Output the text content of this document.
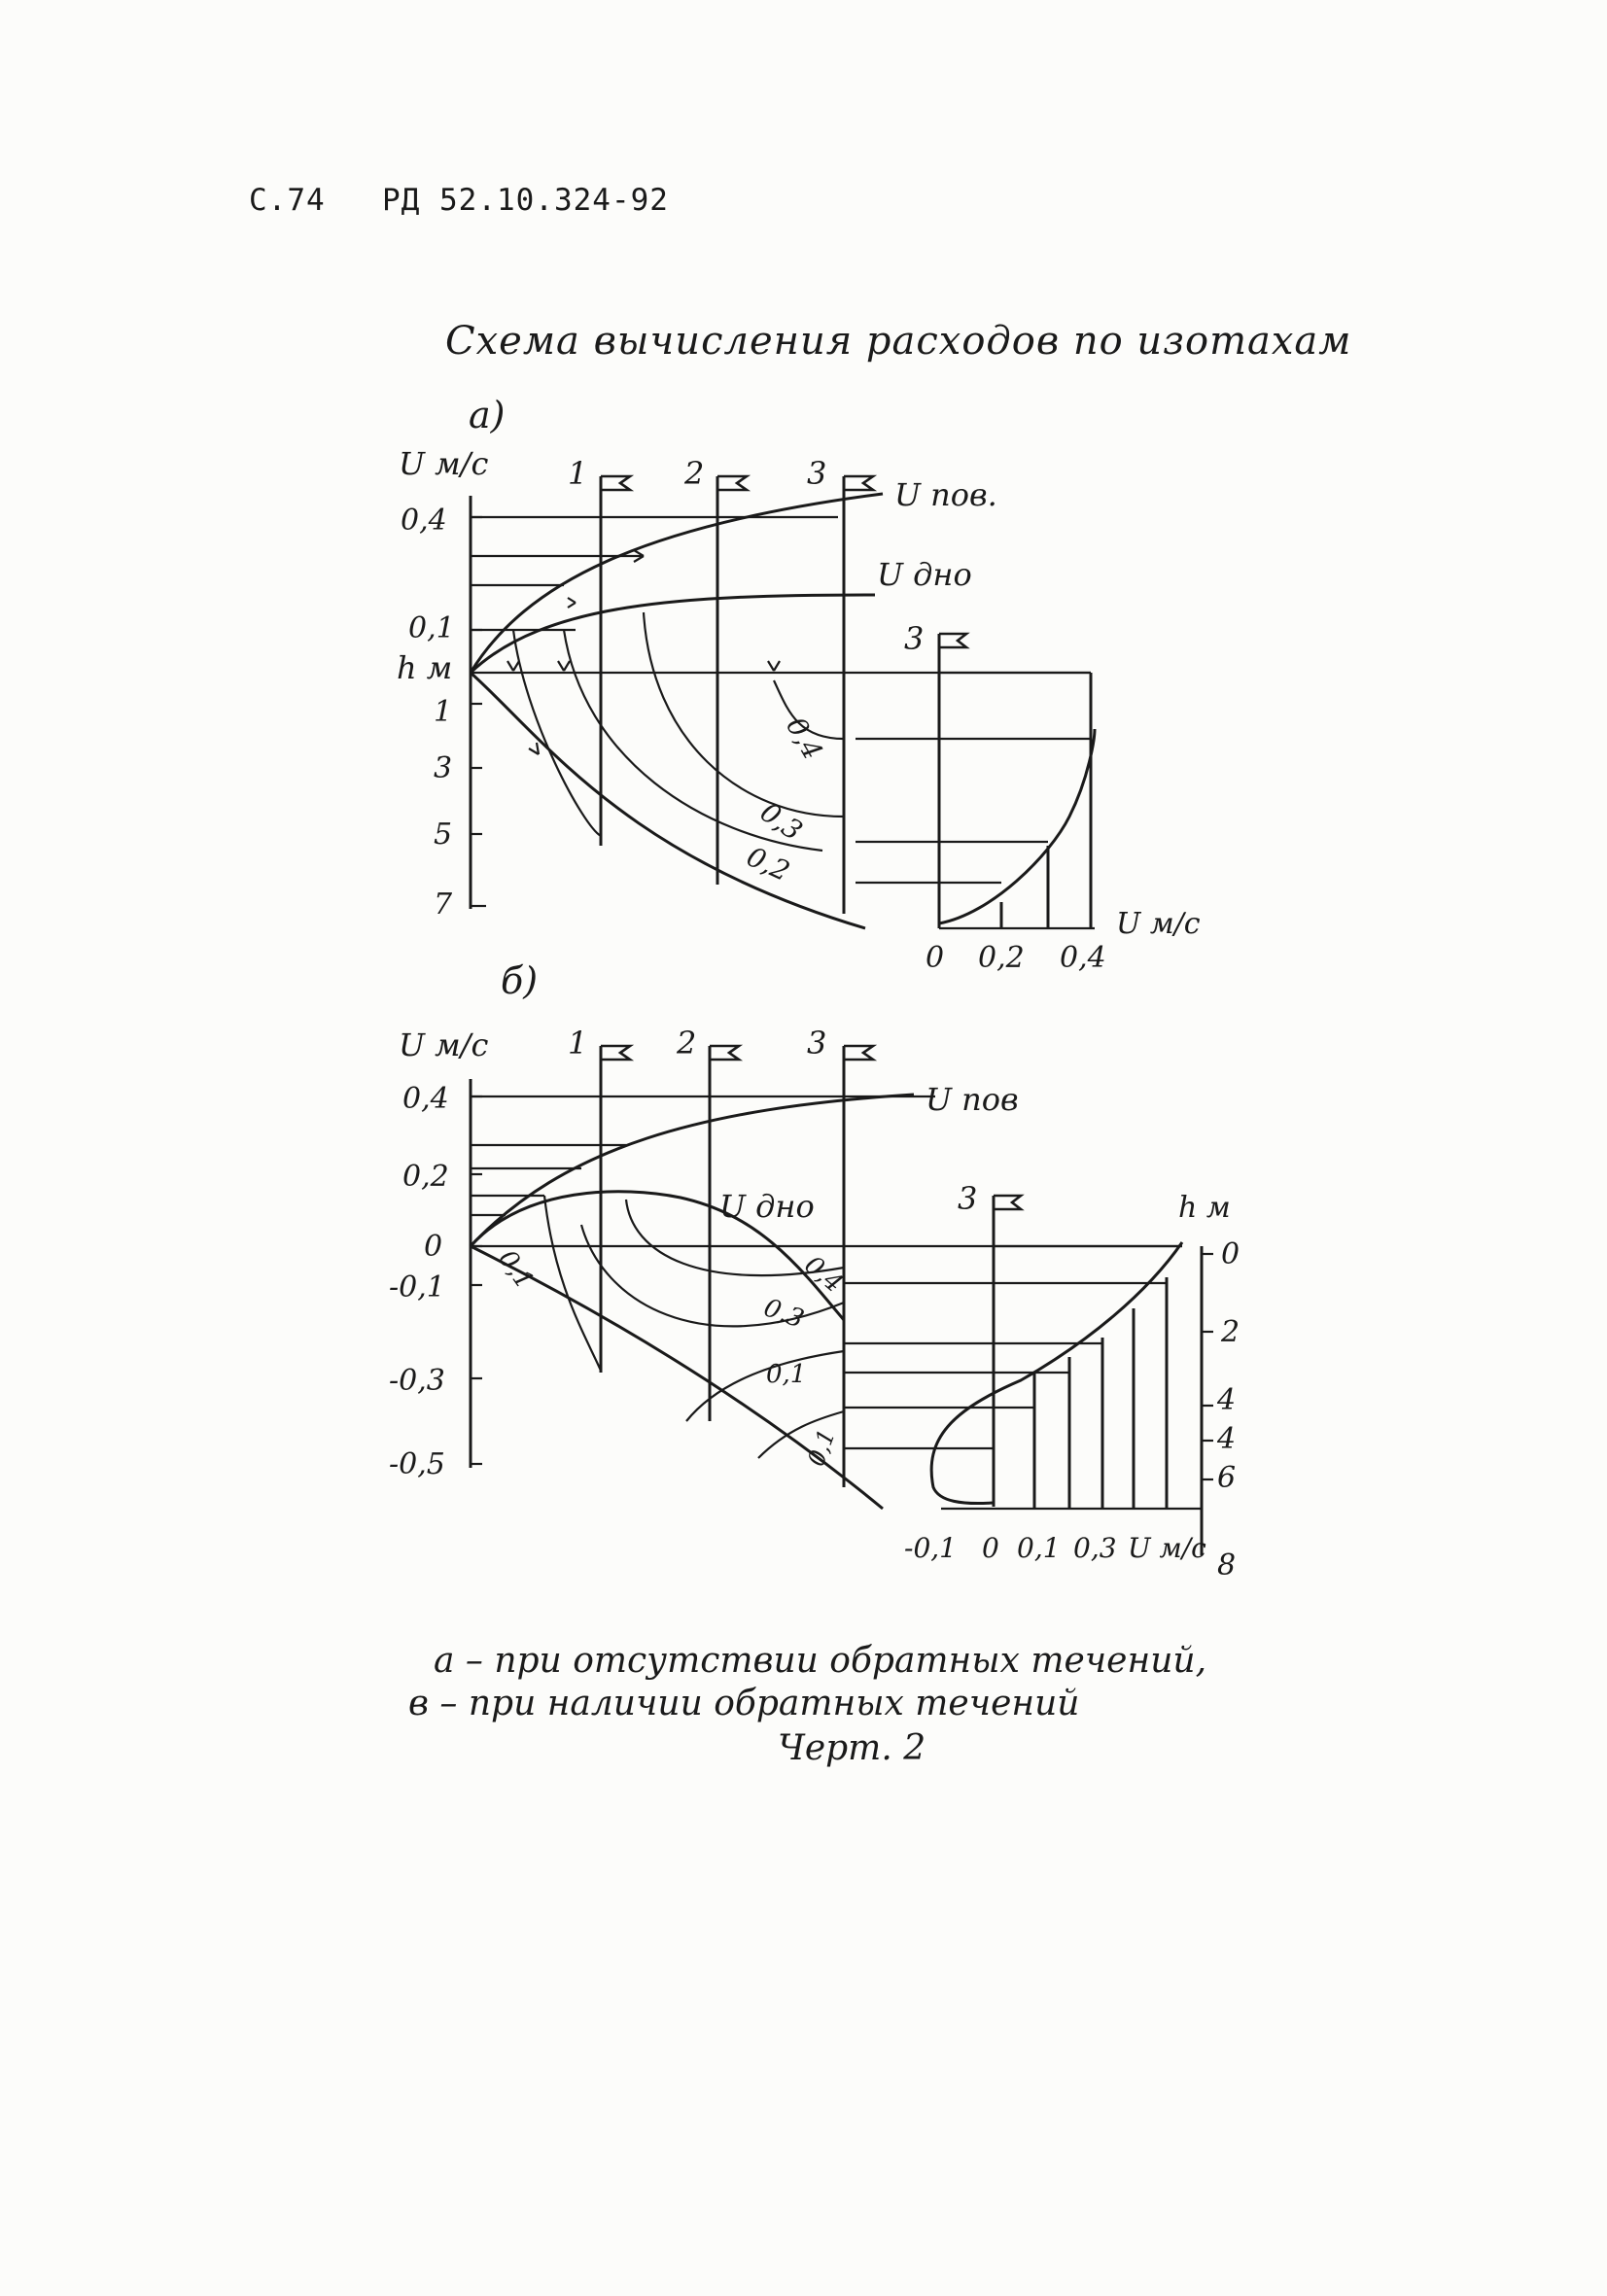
С.74 РД 52.10.324-92
Схема вычисления расходов по изотахам
а)
U м/с
0,4
0,1
h м
1
3
5
7
1	2	3
U пов.
U дно
0,4
0,3
0,2
3
0 0,2 0,4
U м/с
б)
U м/с
0,4
0,2
0
-0,1
-0,3
-0,5
1	2	3
U пов
U дно
0,1	0,4
0,3
0,1
0,1
3	h м
0
2
4
4
6
8
-0,1 0 0,1 0,3 U м/с
а – при отсутствии обратных течений,
в – при наличии обратных течений
Черт. 2
